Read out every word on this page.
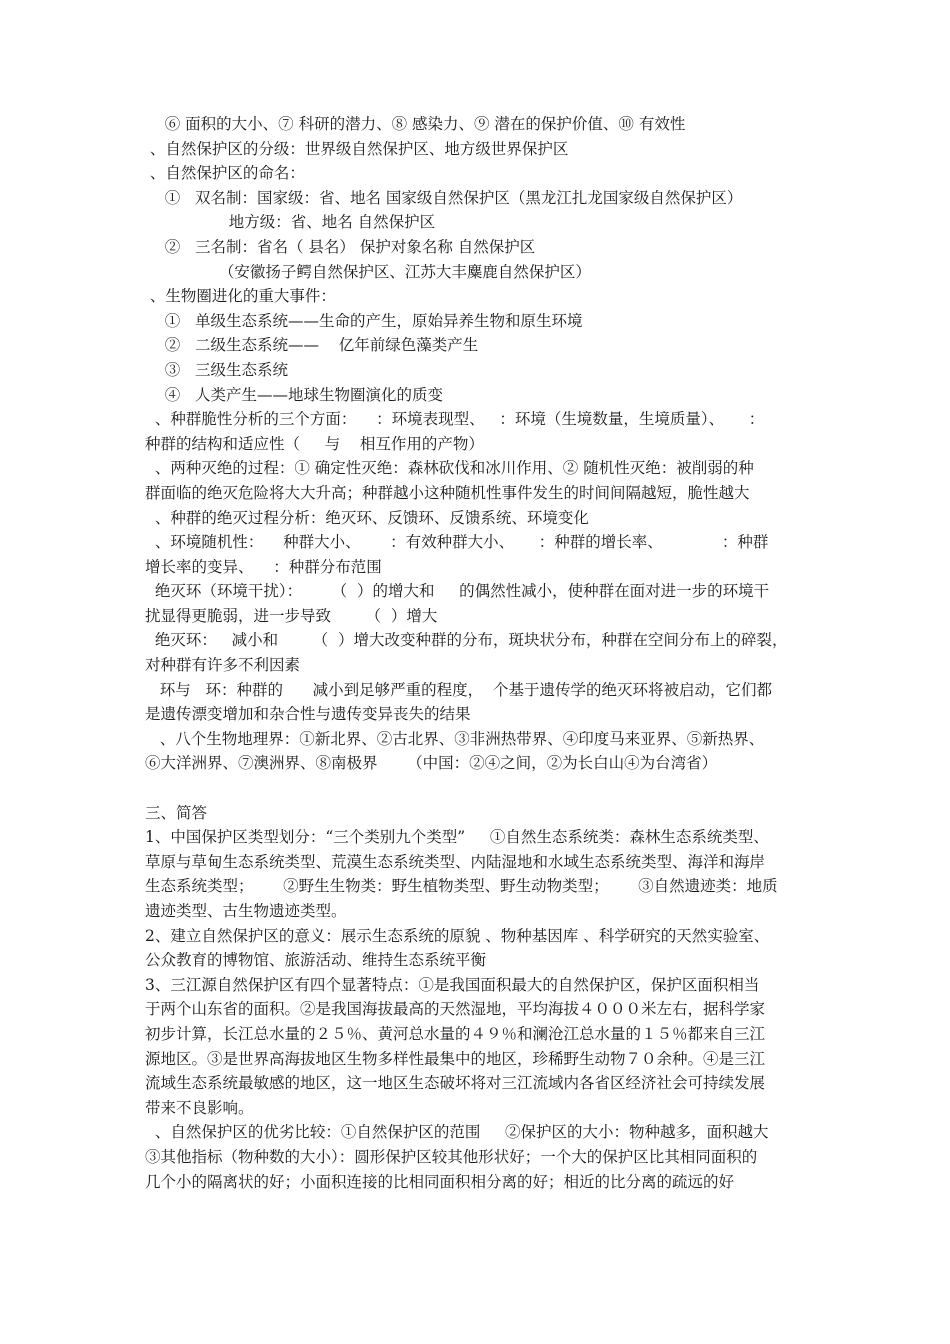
⑥ 面积的大小、⑦ 科研的潜力、⑧ 感染力、⑨ 潜在的保护价值、⑩ 有效性
、自然保护区的分级：世界级自然保护区、地方级世界保护区
、自然保护区的命名：
①   双名制：国家级：省、地名 国家级自然保护区（黑龙江扎龙国家级自然保护区）
地方级：省、地名 自然保护区
②   三名制：省名（ 县名） 保护对象名称 自然保护区
（安徽扬子鳄自然保护区、江苏大丰麋鹿自然保护区）
、生物圈进化的重大事件：
①   单级生态系统——生命的产生，原始异养生物和原生环境
②   二级生态系统——    亿年前绿色藻类产生
③   三级生态系统
④   人类产生——地球生物圈演化的质变
、种群脆性分析的三个方面：    ：环境表现型、   ：环境（生境数量，生境质量）、     ：
种群的结构和适应性（     与    相互作用的产物）
、两种灭绝的过程：① 确定性灭绝：森林砍伐和冰川作用、② 随机性灭绝：被削弱的种
群面临的绝灭危险将大大升高；种群越小这种随机性事件发生的时间间隔越短，脆性越大
、种群的绝灭过程分析：绝灭环、反馈环、反馈系统、环境变化
、环境随机性：    种群大小、      ：有效种群大小、     ：种群的增长率、            ：种群
增长率的变异、    ：种群分布范围
绝灭环（环境干扰）：      （  ）的增大和     的偶然性减小，使种群在面对进一步的环境干
扰显得更脆弱，进一步导致       （  ）增大
绝灭环：   减小和       （  ）增大改变种群的分布，斑块状分布，种群在空间分布上的碎裂，
对种群有许多不利因素
环与   环：种群的      减小到足够严重的程度，  个基于遗传学的绝灭环将被启动，它们都
是遗传漂变增加和杂合性与遗传变异丧失的结果
、八个生物地理界：①新北界、②古北界、③非洲热带界、④印度马来亚界、⑤新热界、
⑥大洋洲界、⑦澳洲界、⑧南极界      （中国：②④之间，②为长白山④为台湾省）
三、简答
1、中国保护区类型划分：“三个类别九个类型”     ①自然生态系统类：森林生态系统类型、
草原与草甸生态系统类型、荒漠生态系统类型、内陆湿地和水域生态系统类型、海洋和海岸
生态系统类型；      ②野生生物类：野生植物类型、野生动物类型；      ③自然遗迹类：地质
遗迹类型、古生物遗迹类型。
2、建立自然保护区的意义：展示生态系统的原貌 、物种基因库 、科学研究的天然实验室、
公众教育的博物馆、旅游活动、维持生态系统平衡
3、三江源自然保护区有四个显著特点：①是我国面积最大的自然保护区，保护区面积相当
于两个山东省的面积。②是我国海拔最高的天然湿地，平均海拔４０００米左右，据科学家
初步计算，长江总水量的２５％、黄河总水量的４９％和澜沧江总水量的１５％都来自三江
源地区。③是世界高海拔地区生物多样性最集中的地区，珍稀野生动物７０余种。④是三江
流域生态系统最敏感的地区，这一地区生态破坏将对三江流域内各省区经济社会可持续发展
带来不良影响。
、自然保护区的优劣比较：①自然保护区的范围     ②保护区的大小：物种越多，面积越大
③其他指标（物种数的大小）：圆形保护区较其他形状好；一个大的保护区比其相同面积的
几个小的隔离状的好；小面积连接的比相同面积相分离的好；相近的比分离的疏远的好
